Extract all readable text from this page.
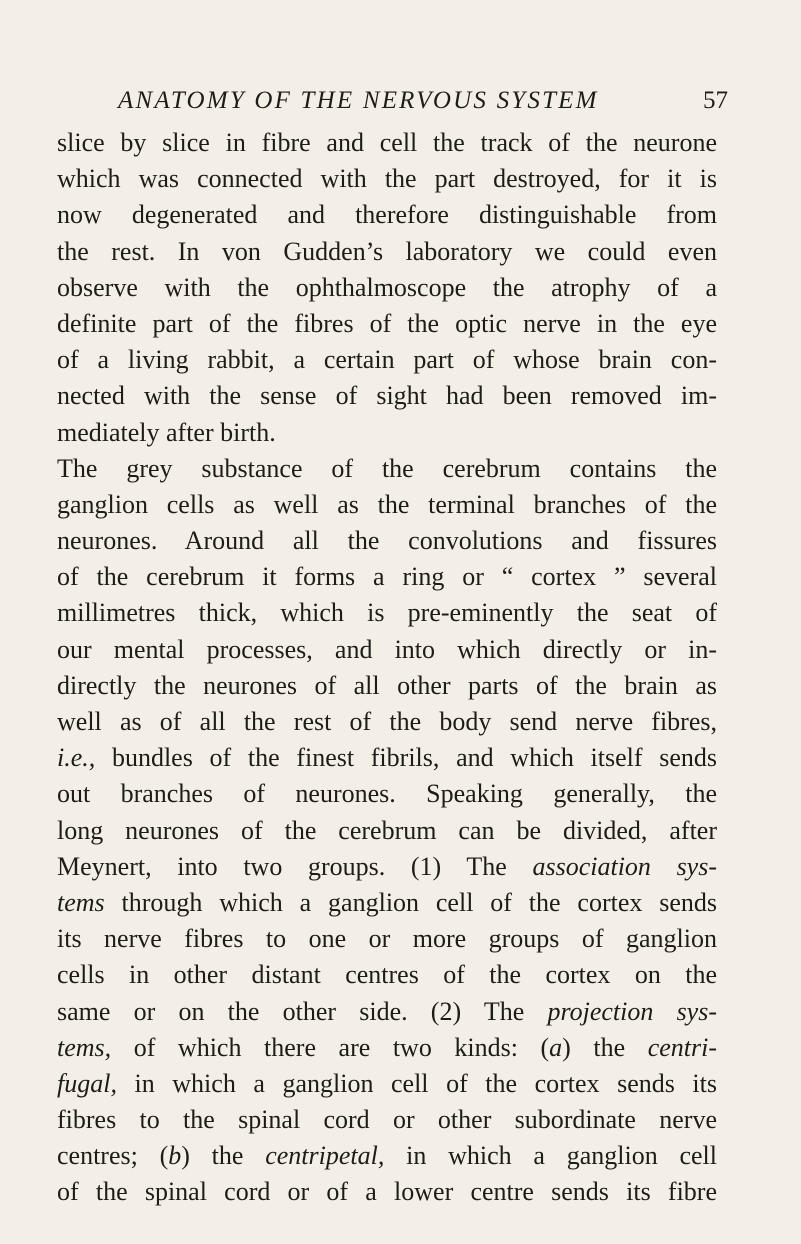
ANATOMY OF THE NERVOUS SYSTEM	57
slice by slice in fibre and cell the track of the neurone
which was connected with the part destroyed, for it is
now degenerated and therefore distinguishable from
the rest. In von Gudden’s laboratory we could even
observe with the ophthalmoscope the atrophy of a
definite part of the fibres of the optic nerve in the eye
of a living rabbit, a certain part of whose brain con-
nected with the sense of sight had been removed im-
mediately after birth.
The grey substance of the cerebrum contains the
ganglion cells as well as the terminal branches of the
neurones. Around all the convolutions and fissures
of the cerebrum it forms a ring or “ cortex ” several
millimetres thick, which is pre-eminently the seat of
our mental processes, and into which directly or in-
directly the neurones of all other parts of the brain as
well as of all the rest of the body send nerve fibres,
i.e., bundles of the finest fibrils, and which itself sends
out branches of neurones. Speaking generally, the
long neurones of the cerebrum can be divided, after
Meynert, into two groups. (1) The association sys-
tems through which a ganglion cell of the cortex sends
its nerve fibres to one or more groups of ganglion
cells in other distant centres of the cortex on the
same or on the other side. (2) The projection sys-
tems, of which there are two kinds: (a) the centri-
fugal, in which a ganglion cell of the cortex sends its
fibres to the spinal cord or other subordinate nerve
centres; (b) the centripetal, in which a ganglion cell
of the spinal cord or of a lower centre sends its fibre
